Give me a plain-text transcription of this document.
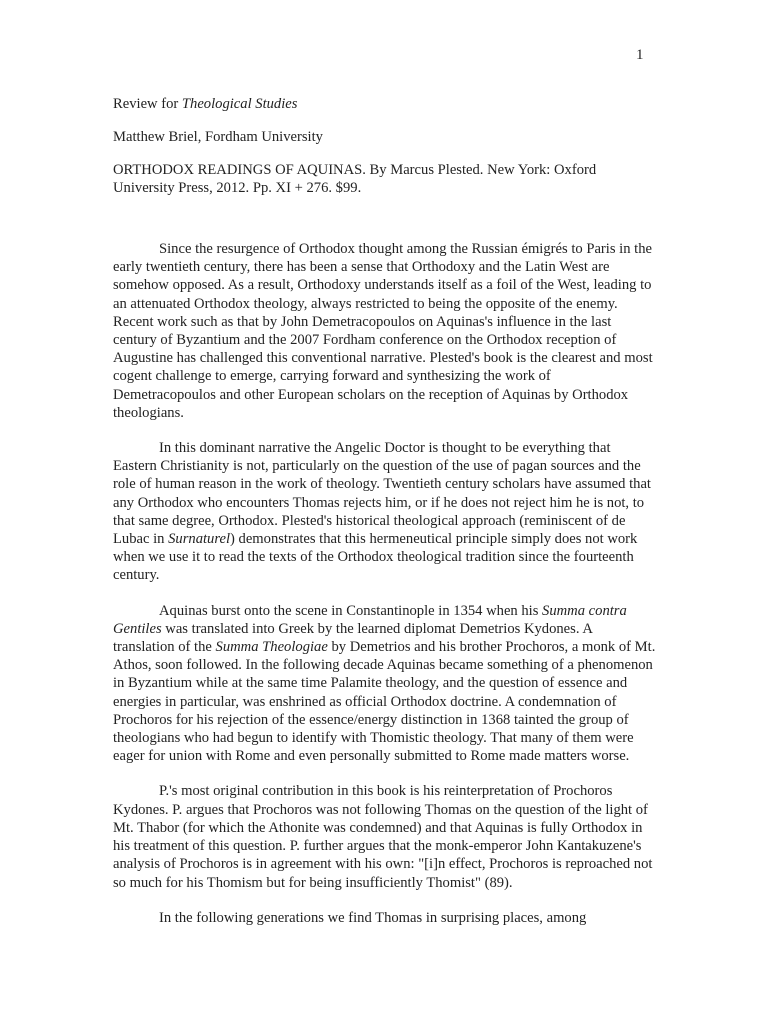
1
Review for Theological Studies
Matthew Briel, Fordham University
ORTHODOX READINGS OF AQUINAS. By Marcus Plested. New York: Oxford
University Press, 2012. Pp. XI + 276. $99.

Since the resurgence of Orthodox thought among the Russian émigrés to Paris in the early twentieth century, there has been a sense that Orthodoxy and the Latin West are somehow opposed. As a result, Orthodoxy understands itself as a foil of the West, leading to an attenuated Orthodox theology, always restricted to being the opposite of the enemy. Recent work such as that by John Demetracopoulos on Aquinas's influence in the last century of Byzantium and the 2007 Fordham conference on the Orthodox reception of Augustine has challenged this conventional narrative. Plested's book is the clearest and most cogent challenge to emerge, carrying forward and synthesizing the work of Demetracopoulos and other European scholars on the reception of Aquinas by Orthodox theologians.

In this dominant narrative the Angelic Doctor is thought to be everything that Eastern Christianity is not, particularly on the question of the use of pagan sources and the role of human reason in the work of theology. Twentieth century scholars have assumed that any Orthodox who encounters Thomas rejects him, or if he does not reject him he is not, to that same degree, Orthodox. Plested's historical theological approach (reminiscent of de Lubac in Surnaturel) demonstrates that this hermeneutical principle simply does not work when we use it to read the texts of the Orthodox theological tradition since the fourteenth century.

Aquinas burst onto the scene in Constantinople in 1354 when his Summa contra Gentiles was translated into Greek by the learned diplomat Demetrios Kydones. A translation of the Summa Theologiae by Demetrios and his brother Prochoros, a monk of Mt. Athos, soon followed. In the following decade Aquinas became something of a phenomenon in Byzantium while at the same time Palamite theology, and the question of essence and energies in particular, was enshrined as official Orthodox doctrine. A condemnation of Prochoros for his rejection of the essence/energy distinction in 1368 tainted the group of theologians who had begun to identify with Thomistic theology. That many of them were eager for union with Rome and even personally submitted to Rome made matters worse.

P.'s most original contribution in this book is his reinterpretation of Prochoros Kydones. P. argues that Prochoros was not following Thomas on the question of the light of Mt. Thabor (for which the Athonite was condemned) and that Aquinas is fully Orthodox in his treatment of this question. P. further argues that the monk-emperor John Kantakuzene's analysis of Prochoros is in agreement with his own: "[i]n effect, Prochoros is reproached not so much for his Thomism but for being insufficiently Thomist" (89).

In the following generations we find Thomas in surprising places, among
